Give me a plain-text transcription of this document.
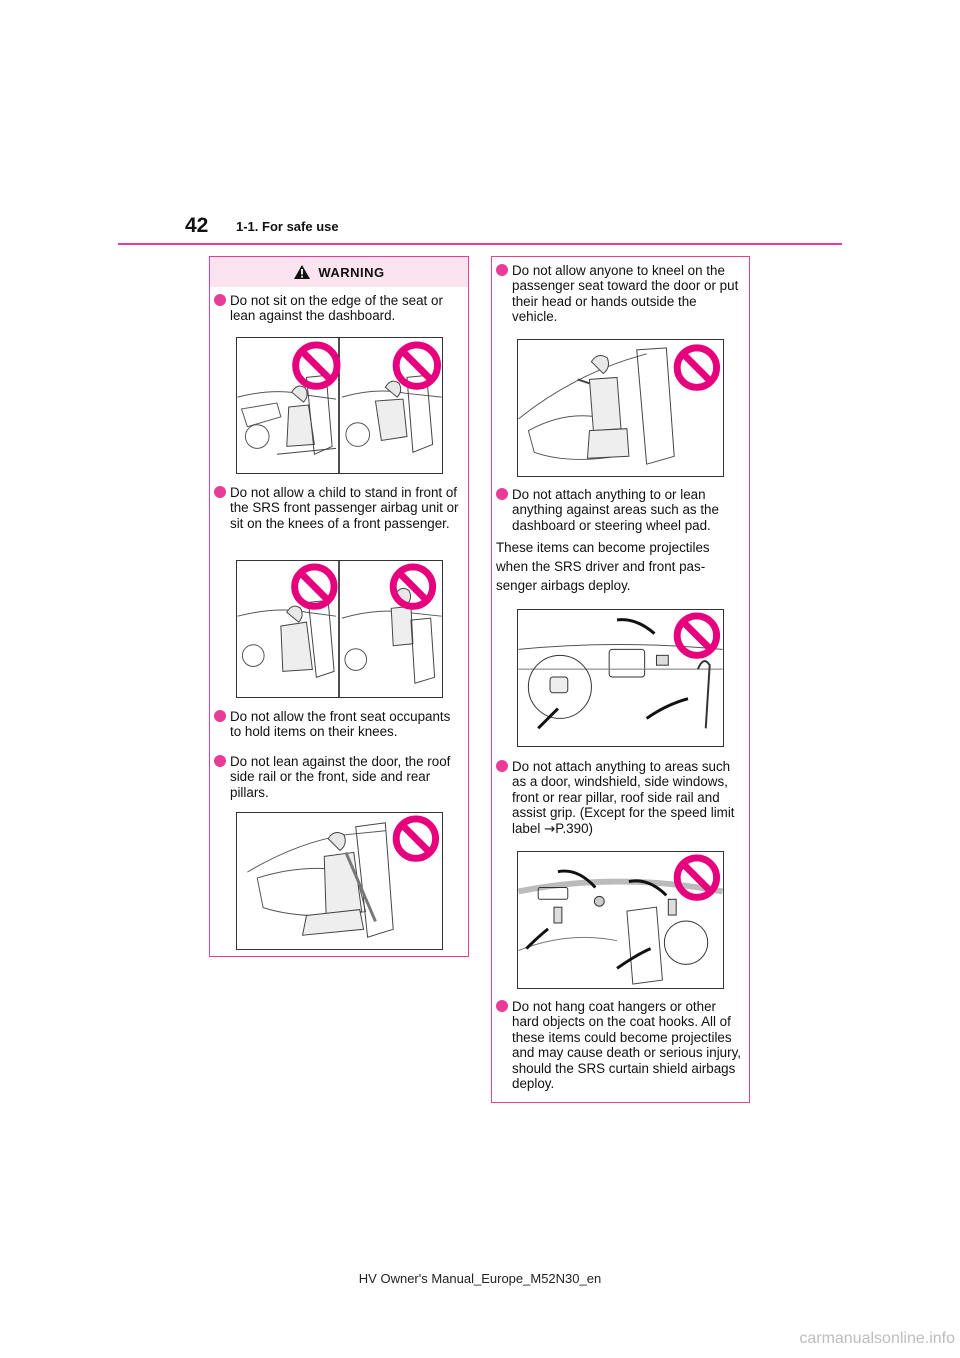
42 1-1. For safe use
WARNING
Do not sit on the edge of the seat or lean against the dashboard.
Do not allow a child to stand in front of the SRS front passenger airbag unit or sit on the knees of a front passenger.
Do not allow the front seat occupants to hold items on their knees.
Do not lean against the door, the roof side rail or the front, side and rear pillars.
Do not allow anyone to kneel on the passenger seat toward the door or put their head or hands outside the vehicle.
Do not attach anything to or lean anything against areas such as the dashboard or steering wheel pad.
These items can become projectiles
when the SRS driver and front pas-
senger airbags deploy.
Do not attach anything to areas such as a door, windshield, side windows, front or rear pillar, roof side rail and assist grip. (Except for the speed limit label →P.390)
Do not hang coat hangers or other hard objects on the coat hooks. All of these items could become projectiles and may cause death or serious injury, should the SRS curtain shield airbags deploy.
HV Owner's Manual_Europe_M52N30_en
carmanualsonline.info
